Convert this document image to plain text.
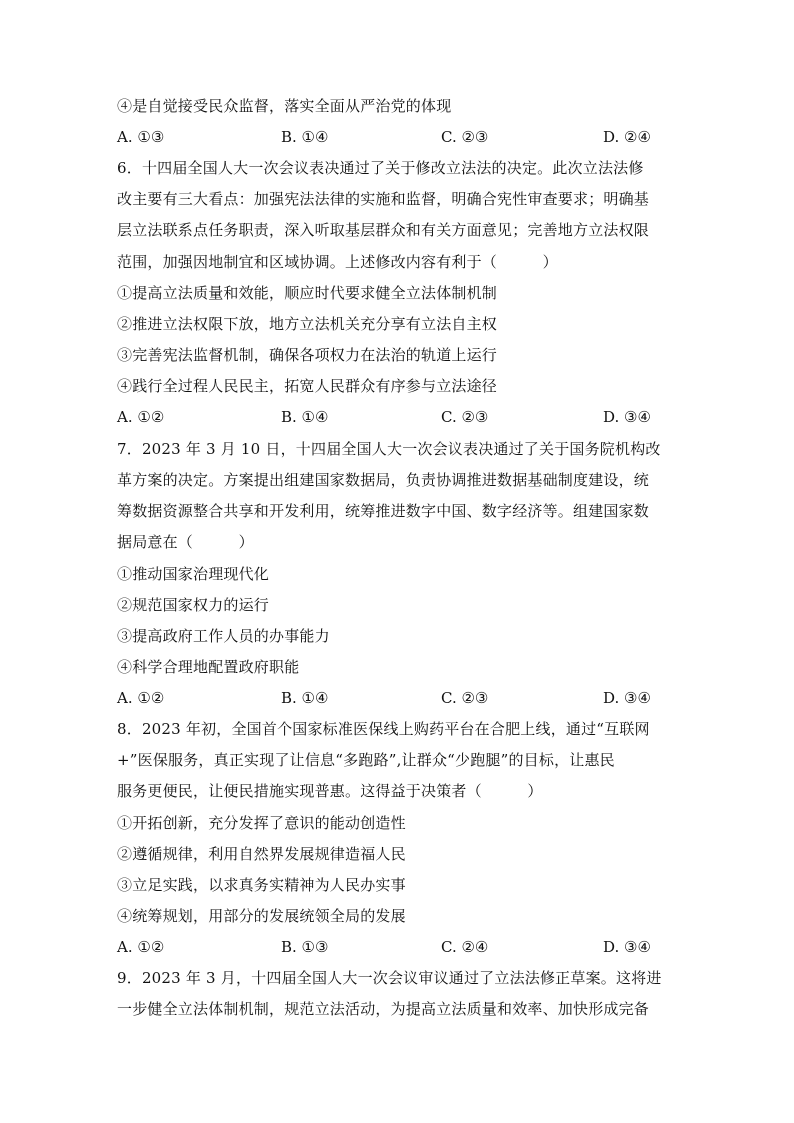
④是自觉接受民众监督，落实全面从严治党的体现
A. ①③	B. ①④	C. ②③	D. ②④
6．十四届全国人大一次会议表决通过了关于修改立法法的决定。此次立法法修
改主要有三大看点：加强宪法法律的实施和监督，明确合宪性审查要求；明确基
层立法联系点任务职责，深入听取基层群众和有关方面意见；完善地方立法权限
范围，加强因地制宜和区域协调。上述修改内容有利于（　　　）
①提高立法质量和效能，顺应时代要求健全立法体制机制
②推进立法权限下放，地方立法机关充分享有立法自主权
③完善宪法监督机制，确保各项权力在法治的轨道上运行
④践行全过程人民民主，拓宽人民群众有序参与立法途径
A. ①②	B. ①④	C. ②③	D. ③④
7．2023 年 3 月 10 日，十四届全国人大一次会议表决通过了关于国务院机构改
革方案的决定。方案提出组建国家数据局，负责协调推进数据基础制度建设，统
筹数据资源整合共享和开发利用，统筹推进数字中国、数字经济等。组建国家数
据局意在（　　　）
①推动国家治理现代化
②规范国家权力的运行
③提高政府工作人员的办事能力
④科学合理地配置政府职能
A. ①②	B. ①④	C. ②③	D. ③④
8．2023 年初，全国首个国家标准医保线上购药平台在合肥上线，通过“互联网
+”医保服务，真正实现了让信息“多跑路”,让群众“少跑腿”的目标，让惠民
服务更便民，让便民措施实现普惠。这得益于决策者（　　　）
①开拓创新，充分发挥了意识的能动创造性
②遵循规律，利用自然界发展规律造福人民
③立足实践，以求真务实精神为人民办实事
④统筹规划，用部分的发展统领全局的发展
A. ①②	B. ①③	C. ②④	D. ③④
9．2023 年 3 月，十四届全国人大一次会议审议通过了立法法修正草案。这将进
一步健全立法体制机制，规范立法活动，为提高立法质量和效率、加快形成完备
